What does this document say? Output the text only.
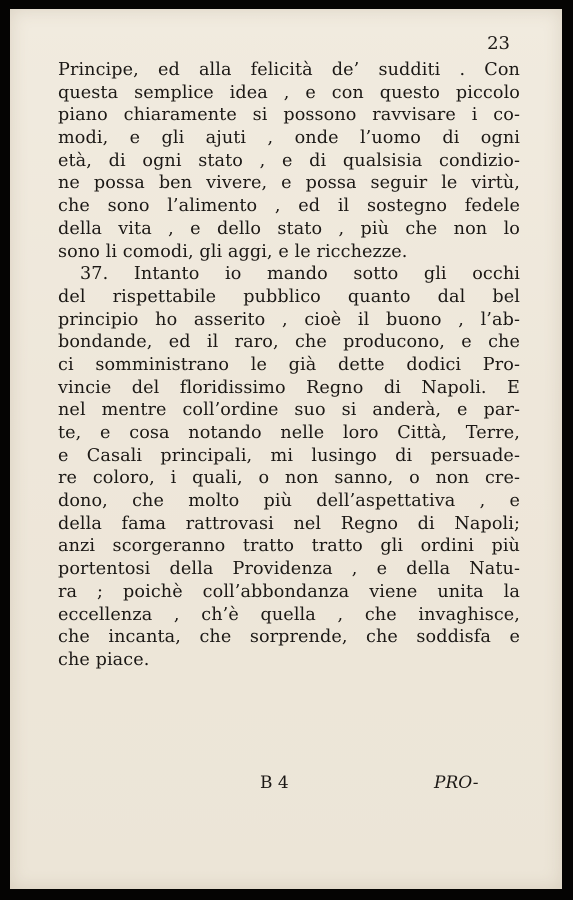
23
Principe, ed alla felicità de’ sudditi . Con
questa semplice idea , e con questo piccolo
piano chiaramente si possono ravvisare i co-
modi, e gli ajuti , onde l’uomo di ogni
età, di ogni stato , e di qualsisia condizio-
ne possa ben vivere, e possa seguir le virtù,
che sono l’alimento , ed il sostegno fedele
della vita , e dello stato , più che non lo
sono li comodi, gli aggi, e le ricchezze.
37. Intanto io mando sotto gli occhi
del rispettabile pubblico quanto dal bel
principio ho asserito , cioè il buono , l’ab-
bondande, ed il raro, che producono, e che
ci somministrano le già dette dodici Pro-
vincie del floridissimo Regno di Napoli. E
nel mentre coll’ordine suo si anderà, e par-
te, e cosa notando nelle loro Città, Terre,
e Casali principali, mi lusingo di persuade-
re coloro, i quali, o non sanno, o non cre-
dono, che molto più dell’aspettativa , e
della fama rattrovasi nel Regno di Napoli;
anzi scorgeranno tratto tratto gli ordini più
portentosi della Providenza , e della Natu-
ra ; poichè coll’abbondanza viene unita la
eccellenza , ch’è quella , che invaghisce,
che incanta, che sorprende, che soddisfa e
che piace.
B 4	PRO-
